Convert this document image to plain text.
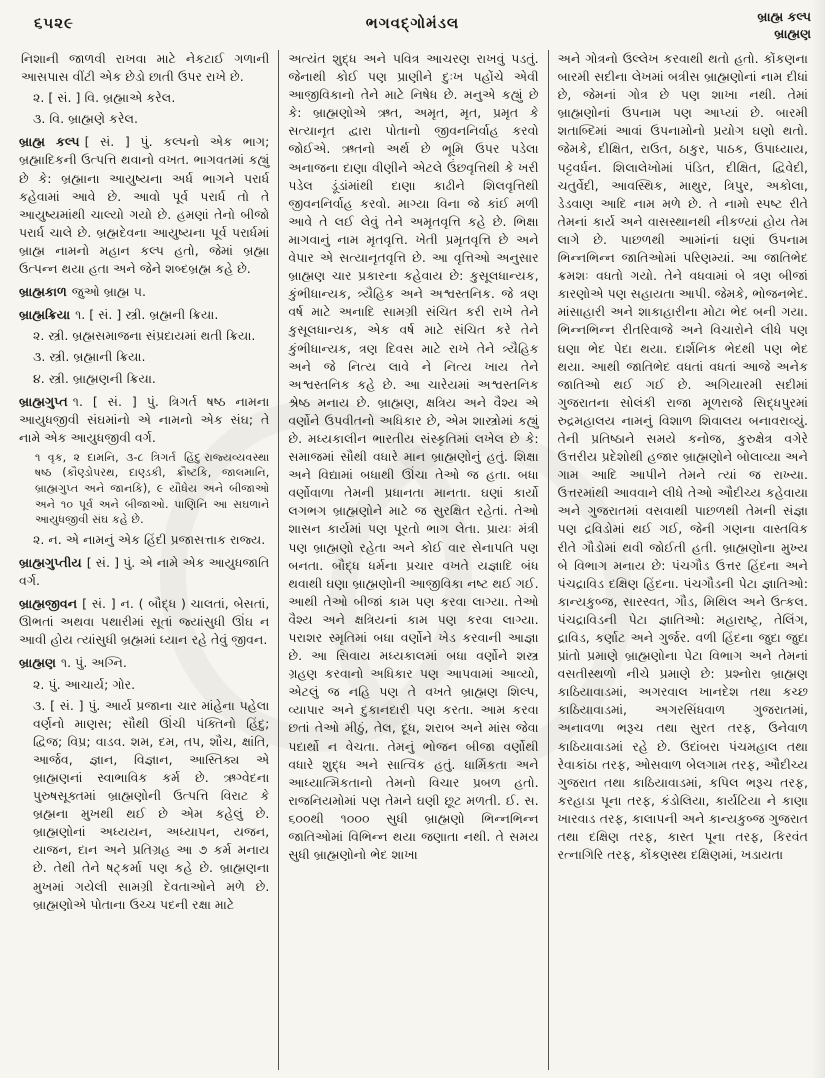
૬૫૨૯	ભગવદ્ગોમંડલ	બ્રાહ્મ કલ્પ
બ્રાહ્મણ

નિશાની જાળવી રાખવા માટે નેકટાઈ ગળાની આસપાસ વીંટી એક છેડો છાતી ઉપર રાખે છે.

૨. [ સં. ] વિ. બ્રહ્માએ કરેલ.

૩. વિ. બ્રાહ્મણે કરેલ.

બ્રાહ્મ કલ્પ [ સં. ] પું. કલ્પનો એક ભાગ; બ્રહ્માદિકની ઉત્પત્તિ થવાનો વખત. ભાગવતમાં કહ્યું છે કે: બ્રહ્માના આયુષ્યના અર્ધ ભાગને પરાર્ધ કહેવામાં આવે છે. આવો પૂર્વ પરાર્ધ તો તે આયુષ્યમાંથી ચાલ્યો ગયો છે. હમણાં તેનો બીજો પરાર્ધ ચાલે છે. બ્રહ્મદેવના આયુષ્યના પૂર્વ પરાર્ધમાં બ્રાહ્મ નામનો મહાન કલ્પ હતો, જેમાં બ્રહ્મા ઉત્પન્ન થયા હતા અને જેને શબ્દબ્રહ્મ કહે છે.

બ્રાહ્મકાળ જુઓ બ્રાહ્મ ૫.

બ્રાહ્મક્રિયા ૧. [ સં. ] સ્ત્રી. બ્રહ્મની ક્રિયા.

૨. સ્ત્રી. બ્રહ્મસમાજના સંપ્રદાયમાં થતી ક્રિયા.

૩. સ્ત્રી. બ્રહ્માની ક્રિયા.

૪. સ્ત્રી. બ્રાહ્મણની ક્રિયા.

બ્રાહ્મગુપ્ત ૧. [ સં. ] પું. ત્રિગર્ત ષષ્ઠ નામના આયુધજીવી સંઘમાંનો એ નામનો એક સંઘ; તે નામે એક આયુધજીવી વર્ગ.

હિંદુ રાજ્યવ્યવસ્થા
૧ વૃક, ૨ દામનિ, ૩-૮ ત્રિગર્ત ષષ્ઠ (કૌણ્ડોપરથ, દાણ્ડકી, ક્રૌષ્ટકિ, જાલમાનિ, બ્રાહ્મગુપ્ત અને જાનકિ), ૯ યૌધેય અને બીજાઓ અને ૧૦ પૂર્વ અને બીજાઓ. પાણિનિ આ સઘળાને આયુધજીવી સંઘ કહે છે.

૨. ન. એ નામનું એક હિંદી પ્રજાસત્તાક રાજ્ય.

બ્રાહ્મગુપ્તીય [ સં. ] પું. એ નામે એક આયુધજાતિ વર્ગ.

બ્રાહ્મજીવન [ સં. ] ન. ( બૌદ્ધ ) ચાલતાં, બેસતાં, ઊભતાં અથવા પથારીમાં સૂતાં જ્યાંસુધી ઊંઘ ન આવી હોય ત્યાંસુધી બ્રહ્મમાં ધ્યાન રહે તેવું જીવન.

બ્રાહ્મણ ૧. પું. અગ્નિ.

૨. પું. આચાર્ય; ગોર.

૩. [ સં. ] પું. આર્ય પ્રજાના ચાર માંહેના પહેલા વર્ણનો માણસ; સૌથી ઊંચી પંક્તિનો હિંદુ; દ્વિજ; વિપ્ર; વાડવ. શમ, દમ, તપ, શૌચ, ક્ષાંતિ, આર્જવ, જ્ઞાન, વિજ્ઞાન, આસ્તિક્ય એ બ્રાહ્મણનાં સ્વાભાવિક કર્મ છે. ઋગ્વેદના પુરુષસૂક્તમાં બ્રાહ્મણોની ઉત્પત્તિ વિરાટ કે બ્રહ્મના મુખથી થઈ છે એમ કહેલું છે. બ્રાહ્મણોનાં અધ્યયન, અધ્યાપન, યજન, યાજન, દાન અને પ્રતિગ્રહ આ ૭ કર્મ મનાય છે. તેથી તેને ષટ્કર્મા પણ કહે છે. બ્રાહ્મણના મુખમાં ગયેલી સામગ્રી દેવતાઓને મળે છે. બ્રાહ્મણોએ પોતાના ઉચ્ચ પદની રક્ષા માટે

અત્યંત શુદ્ધ અને પવિત્ર આચરણ રાખવું પડતું. જેનાથી કોઈ પણ પ્રાણીને દુઃખ પહોંચે એવી આજીવિકાનો તેને માટે નિષેધ છે. મનુએ કહ્યું છે કે: બ્રાહ્મણોએ ઋત, અમૃત, મૃત, પ્રમૃત કે સત્યાનૃત દ્વારા પોતાનો જીવનનિર્વાહ કરવો જોઈએ. ઋતનો અર્થ છે ભૂમિ ઉપર પડેલા અનાજના દાણા વીણીને એટલે ઉંછવૃત્તિથી કે ખરી પડેલ ડૂંડાંમાંથી દાણા કાઢીને શિલવૃત્તિથી જીવનનિર્વાહ કરવો. માગ્યા વિના જે કાંઈ મળી આવે તે લઈ લેવું તેને અમૃતવૃત્તિ કહે છે. ભિક્ષા માગવાનું નામ મૃતવૃત્તિ. ખેતી પ્રમૃતવૃત્તિ છે અને વેપાર એ સત્યાનૃતવૃત્તિ છે. આ વૃત્તિઓ અનુસાર બ્રાહ્મણ ચાર પ્રકારના કહેવાય છે: કુસૂલધાન્યક, કુંભીધાન્યક, ત્ર્યૈહિક અને અશ્વસ્તનિક. જે ત્રણ વર્ષ માટે અનાદિ સામગ્રી સંચિત કરી રાખે તેને કુસૂલધાન્યક, એક વર્ષ માટે સંચિત કરે તેને કુંભીધાન્યક, ત્રણ દિવસ માટે રાખે તેને ત્ર્યૈહિક અને જે નિત્ય લાવે ને નિત્ય ખાય તેને અશ્વસ્તનિક કહે છે. આ ચારેયમાં અશ્વસ્તનિક શ્રેષ્ઠ મનાય છે. બ્રાહ્મણ, ક્ષત્રિય અને વૈશ્ય એ વર્ણોને ઉપવીતનો અધિકાર છે, એમ શાસ્ત્રોમાં કહ્યું છે. મધ્યકાલીન ભારતીય સંસ્કૃતિમાં લખેલ છે કે: સમાજમાં સૌથી વધારે માન બ્રાહ્મણોનું હતું. શિક્ષા અને વિદ્યામાં બધાથી ઊંચા તેઓ જ હતા. બધા વર્ણોવાળા તેમની પ્રધાનતા માનતા. ઘણાં કાર્યો લગભગ બ્રાહ્મણોને માટે જ સુરક્ષિત રહેતાં. તેઓ શાસન કાર્યમાં પણ પૂરતો ભાગ લેતા. પ્રાયઃ મંત્રી પણ બ્રાહ્મણો રહેતા અને કોઈ વાર સેનાપતિ પણ બનતા. બૌદ્ધ ધર્મના પ્રચાર વખતે યજ્ઞાદિ બંધ થવાથી ઘણા બ્રાહ્મણોની આજીવિકા નષ્ટ થઈ ગઈ. આથી તેઓ બીજાં કામ પણ કરવા લાગ્યા. તેઓ વૈશ્ય અને ક્ષત્રિયનાં કામ પણ કરવા લાગ્યા. પરાશર સ્મૃતિમાં બધા વર્ણોને ખેડ કરવાની આજ્ઞા છે. આ સિવાય મધ્યકાલમાં બધા વર્ણોને શસ્ત્ર ગ્રહણ કરવાનો અધિકાર પણ આપવામાં આવ્યો, એટલું જ નહિ પણ તે વખતે બ્રાહ્મણ શિલ્પ, વ્યાપાર અને દુકાનદારી પણ કરતા. આમ કરવા છતાં તેઓ મીઠું, તેલ, દૂધ, શરાબ અને માંસ જેવા પદાર્થો ન વેચતા. તેમનું ભોજન બીજા વર્ણોથી વધારે શુદ્ધ અને સાત્વિક હતું. ધાર્મિકતા અને આધ્યાત્મિકતાનો તેમનો વિચાર પ્રબળ હતો. રાજનિયમોમાં પણ તેમને ઘણી છૂટ મળતી. ઈ. સ. ૬૦૦થી ૧૦૦૦ સુધી બ્રાહ્મણો ભિન્નભિન્ન જાતિઓમાં વિભિન્ન થયા જણાતા નથી. તે સમય સુધી બ્રાહ્મણોનો ભેદ શાખા

અને ગોત્રનો ઉલ્લેખ કરવાથી થતો હતો. કોંકણના બારમી સદીના લેખમાં બત્રીસ બ્રાહ્મણોનાં નામ દીધાં છે, જેમનાં ગોત્ર છે પણ શાખા નથી. તેમાં બ્રાહ્મણોનાં ઉપનામ પણ આપ્યાં છે. બારમી શતાબ્દિમાં આવાં ઉપનામોનો પ્રયોગ ઘણો થતો. જેમકે, દીક્ષિત, રાઉત, ઠાકુર, પાઠક, ઉપાધ્યાય, પટ્ટવર્ધન. શિલાલેખોમાં પંડિત, દીક્ષિત, દ્વિવેદી, ચતુર્વેદી, આવસ્થિક, માથુર, ત્રિપુર, અકોલા, ડેડવાણ આદિ નામ મળે છે. તે નામો સ્પષ્ટ રીતે તેમનાં કાર્ય અને વાસસ્થાનથી નીકળ્યાં હોય તેમ લાગે છે. પાછળથી આમાંનાં ઘણાં ઉપનામ ભિન્નભિન્ન જાતિઓમાં પરિણમ્યાં. આ જાતિભેદ ક્રમશઃ વધતો ગયો. તેને વધવામાં બે ત્રણ બીજાં કારણોએ પણ સહાયતા આપી. જેમકે, ભોજનભેદ. માંસાહારી અને શાકાહારીના મોટા ભેદ બની ગયા. ભિન્નભિન્ન રીતરિવાજે અને વિચારોને લીધે પણ ઘણા ભેદ પેદા થયા. દાર્શનિક ભેદથી પણ ભેદ થયા. આથી જાતિભેદ વધતાં વધતાં આજે અનેક જાતિઓ થઈ ગઈ છે. અગિયારમી સદીમાં ગુજરાતના સોલંકી રાજા મૂળરાજે સિદ્ધપુરમાં રુદ્રમહાલય નામનું વિશાળ શિવાલય બનાવરાવ્યું. તેની પ્રતિષ્ઠાને સમયે કનોજ, કુરુક્ષેત્ર વગેરે ઉત્તરીય પ્રદેશોથી હજાર બ્રાહ્મણોને બોલાવ્યા અને ગામ આદિ આપીને તેમને ત્યાં જ રાખ્યા. ઉત્તરમાંથી આવવાને લીધે તેઓ ઔદીચ્ય કહેવાયા અને ગુજરાતમાં વસવાથી પાછળથી તેમની સંજ્ઞા પણ દ્રવિડોમાં થઈ ગઈ, જેની ગણના વાસ્તવિક રીતે ગૌડોમાં થવી જોઈતી હતી. બ્રાહ્મણોના મુખ્ય બે વિભાગ મનાય છે: પંચગૌડ ઉત્તર હિંદના અને પંચદ્રાવિડ દક્ષિણ હિંદના. પંચગૌડની પેટા જ્ઞાતિઓ: કાન્યકુબ્જ, સારસ્વત, ગૌડ, મિથિલ અને ઉત્કલ. પંચદ્રાવિડની પેટા જ્ઞાતિઓ: મહારાષ્ટ્ર, તેલિંગ, દ્રાવિડ, કર્ણાટ અને ગુર્જર. વળી હિંદના જુદા જુદા પ્રાંતો પ્રમાણે બ્રાહ્મણોના પેટા વિભાગ અને તેમનાં વસતીસ્થળો નીચે પ્રમાણે છે: પ્રશ્નોરા બ્રાહ્મણ કાઠિયાવાડમાં, અગરવાલ ખાનદેશ તથા કચ્છ કાઠિયાવાડમાં, અગરસિંધવાળ ગુજરાતમાં, અનાવળા ભરૂચ તથા સુરત તરફ, ઉનેવાળ કાઠિયાવાડમાં રહે છે. ઉદાંબરા પંચમહાલ તથા રેવાકાંઠા તરફ, ઓસવાળ બેલગામ તરફ, ઔદીચ્ય ગુજરાત તથા કાઠિયાવાડમાં, કપિલ ભરૂચ તરફ, કરહાડા પૂના તરફ, કંડોલિયા, કાર્યટિયા ને કાણા ખારવાડ તરફ, કાલાપની અને કાન્યકુબ્જ ગુજરાત તથા દક્ષિણ તરફ, કાસ્ત પૂના તરફ, કિરવંત રત્નાગિરિ તરફ, કોંકણસ્થ દક્ષિણમાં, ખડાયતા
